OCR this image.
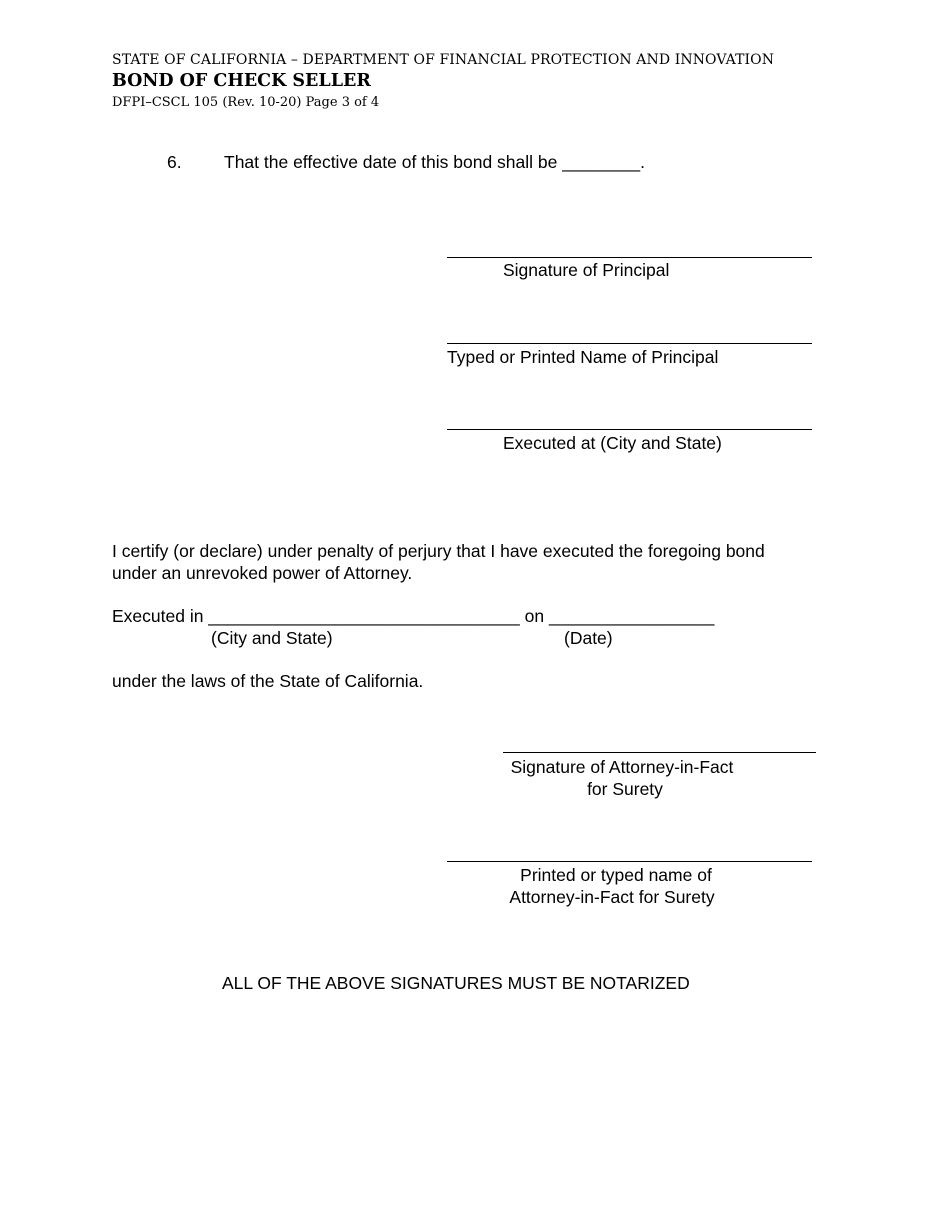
STATE OF CALIFORNIA – DEPARTMENT OF FINANCIAL PROTECTION AND INNOVATION
BOND OF CHECK SELLER
DFPI–CSCL 105 (Rev. 10-20) Page 3 of 4
6. That the effective date of this bond shall be ________.
Signature of Principal
Typed or Printed Name of Principal
Executed at (City and State)
I certify (or declare) under penalty of perjury that I have executed the foregoing bond
under an unrevoked power of Attorney.
Executed in ________________________________ on _________________
(City and State)	(Date)
under the laws of the State of California.
Signature of Attorney-in-Fact
for Surety
Printed or typed name of
Attorney-in-Fact for Surety
ALL OF THE ABOVE SIGNATURES MUST BE NOTARIZED
